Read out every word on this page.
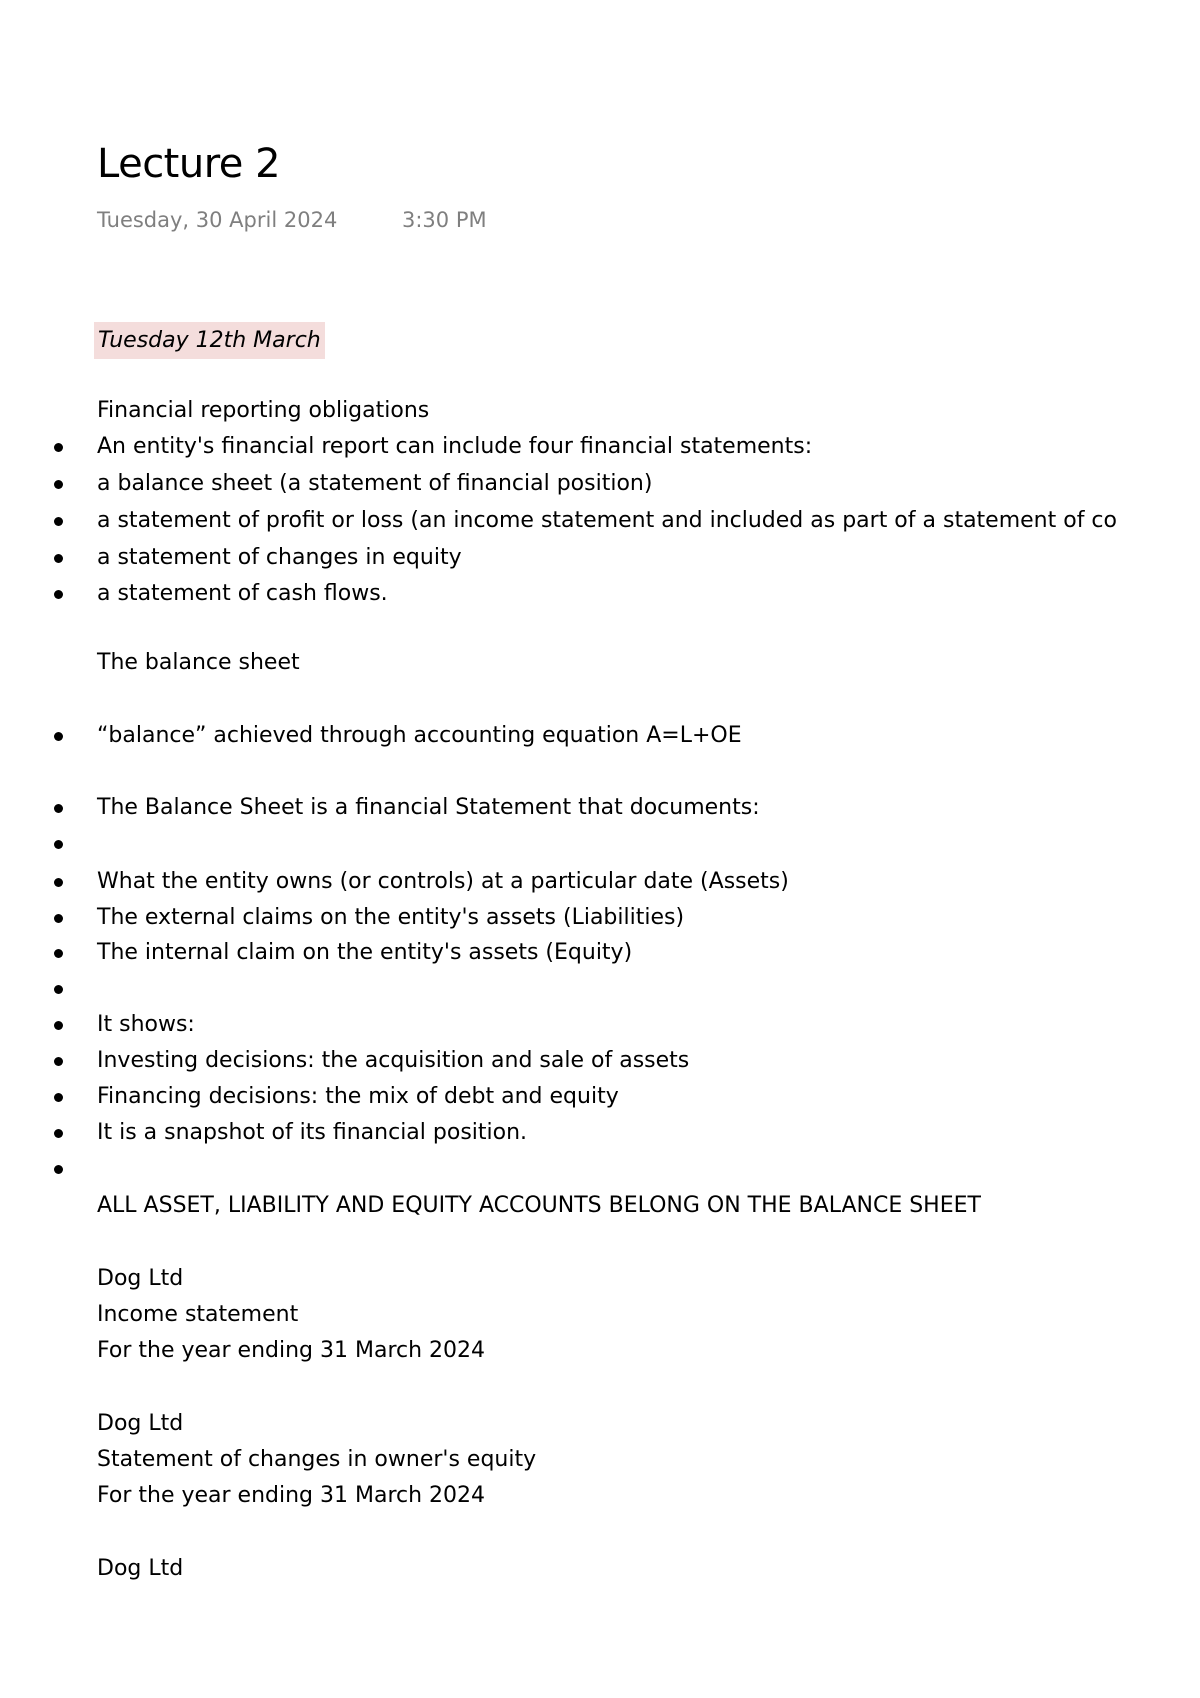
Lecture 2
Tuesday, 30 April 2024	3:30 PM
Tuesday 12th March
Financial reporting obligations
An entity's financial report can include four financial statements:
a balance sheet (a statement of financial position)
a statement of profit or loss (an income statement and included as part of a statement of co
a statement of changes in equity
a statement of cash flows.
The balance sheet
“balance” achieved through accounting equation A=L+OE
The Balance Sheet is a financial Statement that documents:
What the entity owns (or controls) at a particular date (Assets)
The external claims on the entity's assets (Liabilities)
The internal claim on the entity's assets (Equity)
It shows:
Investing decisions: the acquisition and sale of assets
Financing decisions: the mix of debt and equity
It is a snapshot of its financial position.
ALL ASSET, LIABILITY AND EQUITY ACCOUNTS BELONG ON THE BALANCE SHEET
Dog Ltd
Income statement
For the year ending 31 March 2024
Dog Ltd
Statement of changes in owner's equity
For the year ending 31 March 2024
Dog Ltd
